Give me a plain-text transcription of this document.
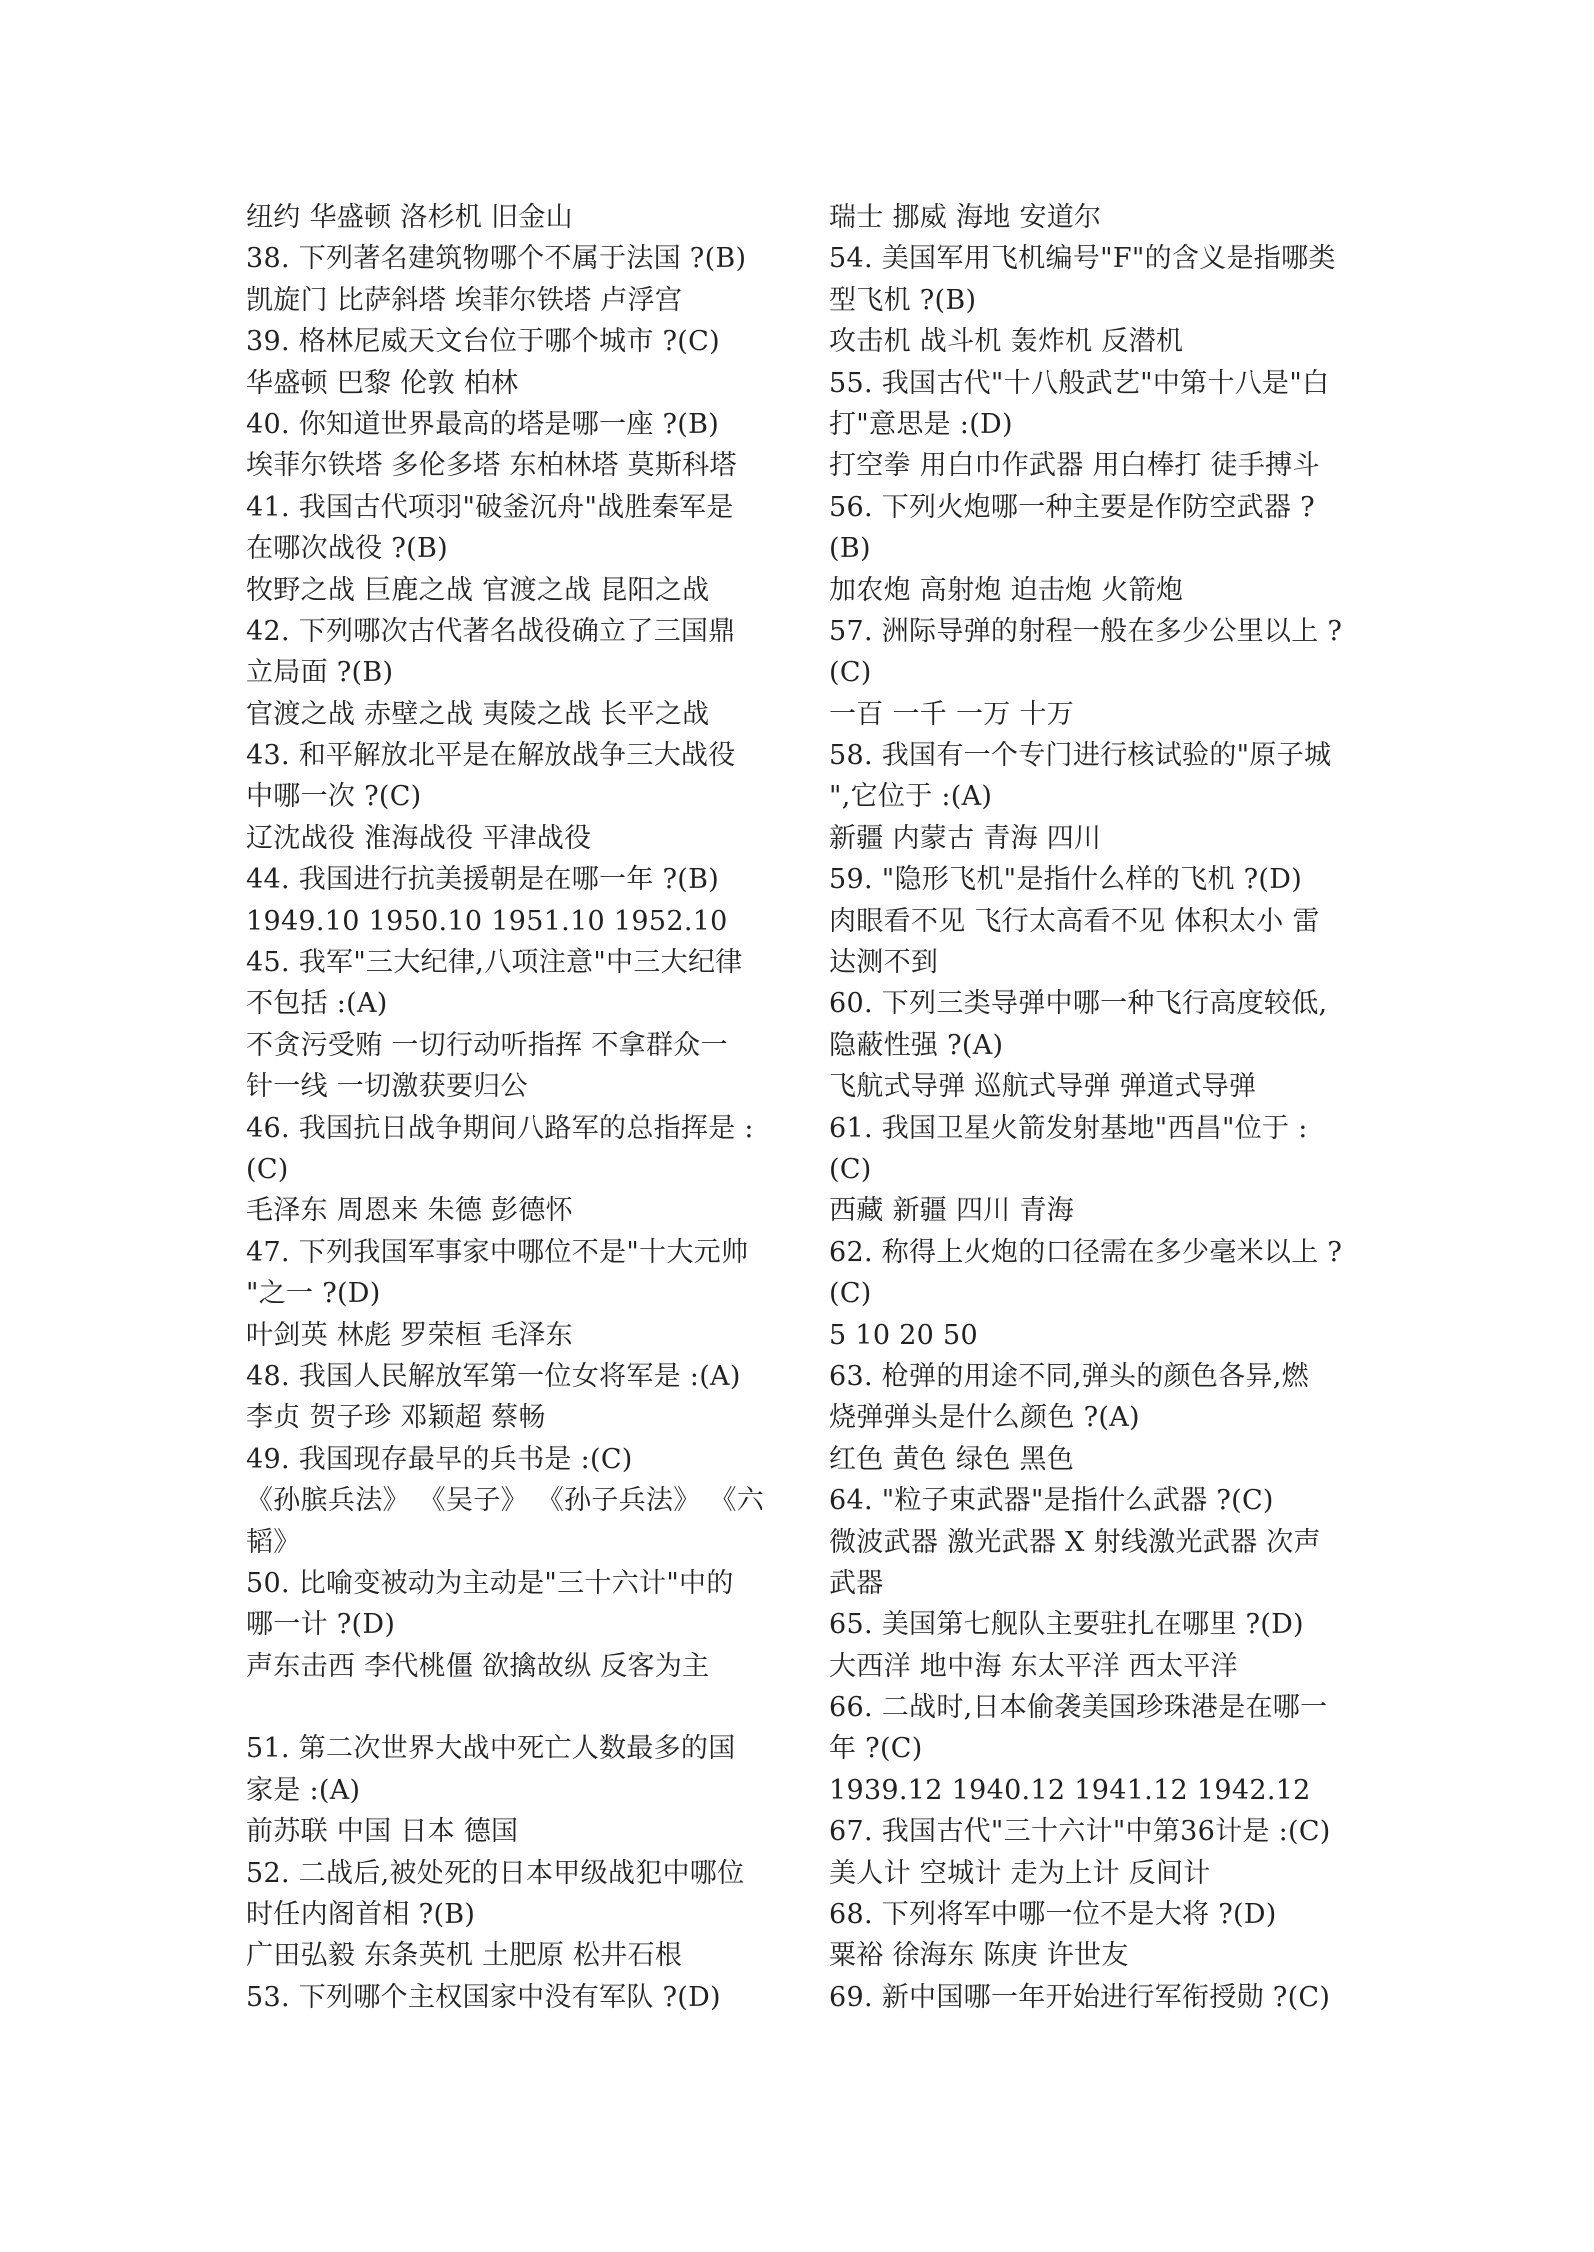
纽约 华盛顿 洛杉机 旧金山
38. 下列著名建筑物哪个不属于法国 ?(B)
凯旋门 比萨斜塔 埃菲尔铁塔 卢浮宫
39. 格林尼威天文台位于哪个城市 ?(C)
华盛顿 巴黎 伦敦 柏林
40. 你知道世界最高的塔是哪一座 ?(B)
埃菲尔铁塔 多伦多塔 东柏林塔 莫斯科塔
41. 我国古代项羽"破釜沉舟"战胜秦军是
在哪次战役 ?(B)
牧野之战 巨鹿之战 官渡之战 昆阳之战
42. 下列哪次古代著名战役确立了三国鼎
立局面 ?(B)
官渡之战 赤壁之战 夷陵之战 长平之战
43. 和平解放北平是在解放战争三大战役
中哪一次 ?(C)
辽沈战役 淮海战役 平津战役
44. 我国进行抗美援朝是在哪一年 ?(B)
1949.10 1950.10 1951.10 1952.10
45. 我军"三大纪律,八项注意"中三大纪律
不包括 :(A)
不贪污受贿 一切行动听指挥 不拿群众一
针一线 一切激获要归公
46. 我国抗日战争期间八路军的总指挥是 :
(C)
毛泽东 周恩来 朱德 彭德怀
47. 下列我国军事家中哪位不是"十大元帅
"之一 ?(D)
叶剑英 林彪 罗荣桓 毛泽东
48. 我国人民解放军第一位女将军是 :(A)
李贞 贺子珍 邓颖超 蔡畅
49. 我国现存最早的兵书是 :(C)
《孙膑兵法》 《吴子》 《孙子兵法》 《六
韬》
50. 比喻变被动为主动是"三十六计"中的
哪一计 ?(D)
声东击西 李代桃僵 欲擒故纵 反客为主
51. 第二次世界大战中死亡人数最多的国
家是 :(A)
前苏联 中国 日本 德国
52. 二战后,被处死的日本甲级战犯中哪位
时任内阁首相 ?(B)
广田弘毅 东条英机 土肥原 松井石根
53. 下列哪个主权国家中没有军队 ?(D)
瑞士 挪威 海地 安道尔
54. 美国军用飞机编号"F"的含义是指哪类
型飞机 ?(B)
攻击机 战斗机 轰炸机 反潜机
55. 我国古代"十八般武艺"中第十八是"白
打"意思是 :(D)
打空拳 用白巾作武器 用白棒打 徒手搏斗
56. 下列火炮哪一种主要是作防空武器 ?
(B)
加农炮 高射炮 迫击炮 火箭炮
57. 洲际导弹的射程一般在多少公里以上 ?
(C)
一百 一千 一万 十万
58. 我国有一个专门进行核试验的"原子城
",它位于 :(A)
新疆 内蒙古 青海 四川
59. "隐形飞机"是指什么样的飞机 ?(D)
肉眼看不见 飞行太高看不见 体积太小 雷
达测不到
60. 下列三类导弹中哪一种飞行高度较低,
隐蔽性强 ?(A)
飞航式导弹 巡航式导弹 弹道式导弹
61. 我国卫星火箭发射基地"西昌"位于 :
(C)
西藏 新疆 四川 青海
62. 称得上火炮的口径需在多少毫米以上 ?
(C)
5 10 20 50
63. 枪弹的用途不同,弹头的颜色各异,燃
烧弹弹头是什么颜色 ?(A)
红色 黄色 绿色 黑色
64. "粒子束武器"是指什么武器 ?(C)
微波武器 激光武器 X 射线激光武器 次声
武器
65. 美国第七舰队主要驻扎在哪里 ?(D)
大西洋 地中海 东太平洋 西太平洋
66. 二战时,日本偷袭美国珍珠港是在哪一
年 ?(C)
1939.12 1940.12 1941.12 1942.12
67. 我国古代"三十六计"中第36计是 :(C)
美人计 空城计 走为上计 反间计
68. 下列将军中哪一位不是大将 ?(D)
粟裕 徐海东 陈庚 许世友
69. 新中国哪一年开始进行军衔授勋 ?(C)
